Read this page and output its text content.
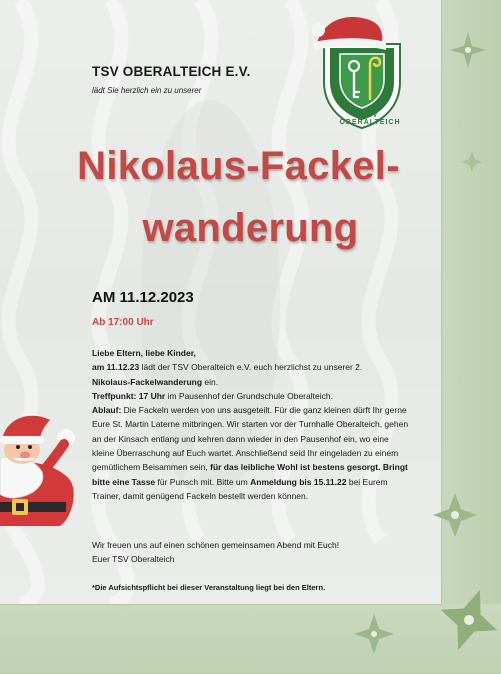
TSV OBERALTEICH
TSV OBERALTEICH E.V.
lädt Sie herzlich ein zu unserer
Nikolaus-Fackel-
wanderung
AM 11.12.2023
Ab 17:00 Uhr

Liebe Eltern, liebe Kinder,

am 11.12.23 lädt der TSV Oberalteich e.V. euch herzlichst zu unserer 2.

Nikolaus-Fackelwanderung ein.

Treffpunkt: 17 Uhr im Pausenhof der Grundschule Oberalteich.

Ablauf: Die Fackeln werden von uns ausgeteilt. Für die ganz kleinen dürft Ihr gerne Eure St. Martin Laterne mitbringen. Wir starten vor der Turnhalle Oberalteich, gehen an der Kinsach entlang und kehren dann wieder in den Pausenhof ein, wo eine kleine Überraschung auf Euch wartet. Anschließend seid Ihr eingeladen zu einem gemütlichem Beisammen sein, für das leibliche Wohl ist bestens gesorgt. Bringt bitte eine Tasse für Punsch mit. Bitte um Anmeldung bis 15.11.22 bei Eurem Trainer, damit genügend Fackeln bestellt werden können.

Wir freuen uns auf einen schönen gemeinsamen Abend mit Euch!
Euer TSV Oberalteich
*Die Aufsichtspflicht bei dieser Veranstaltung liegt bei den Eltern.
